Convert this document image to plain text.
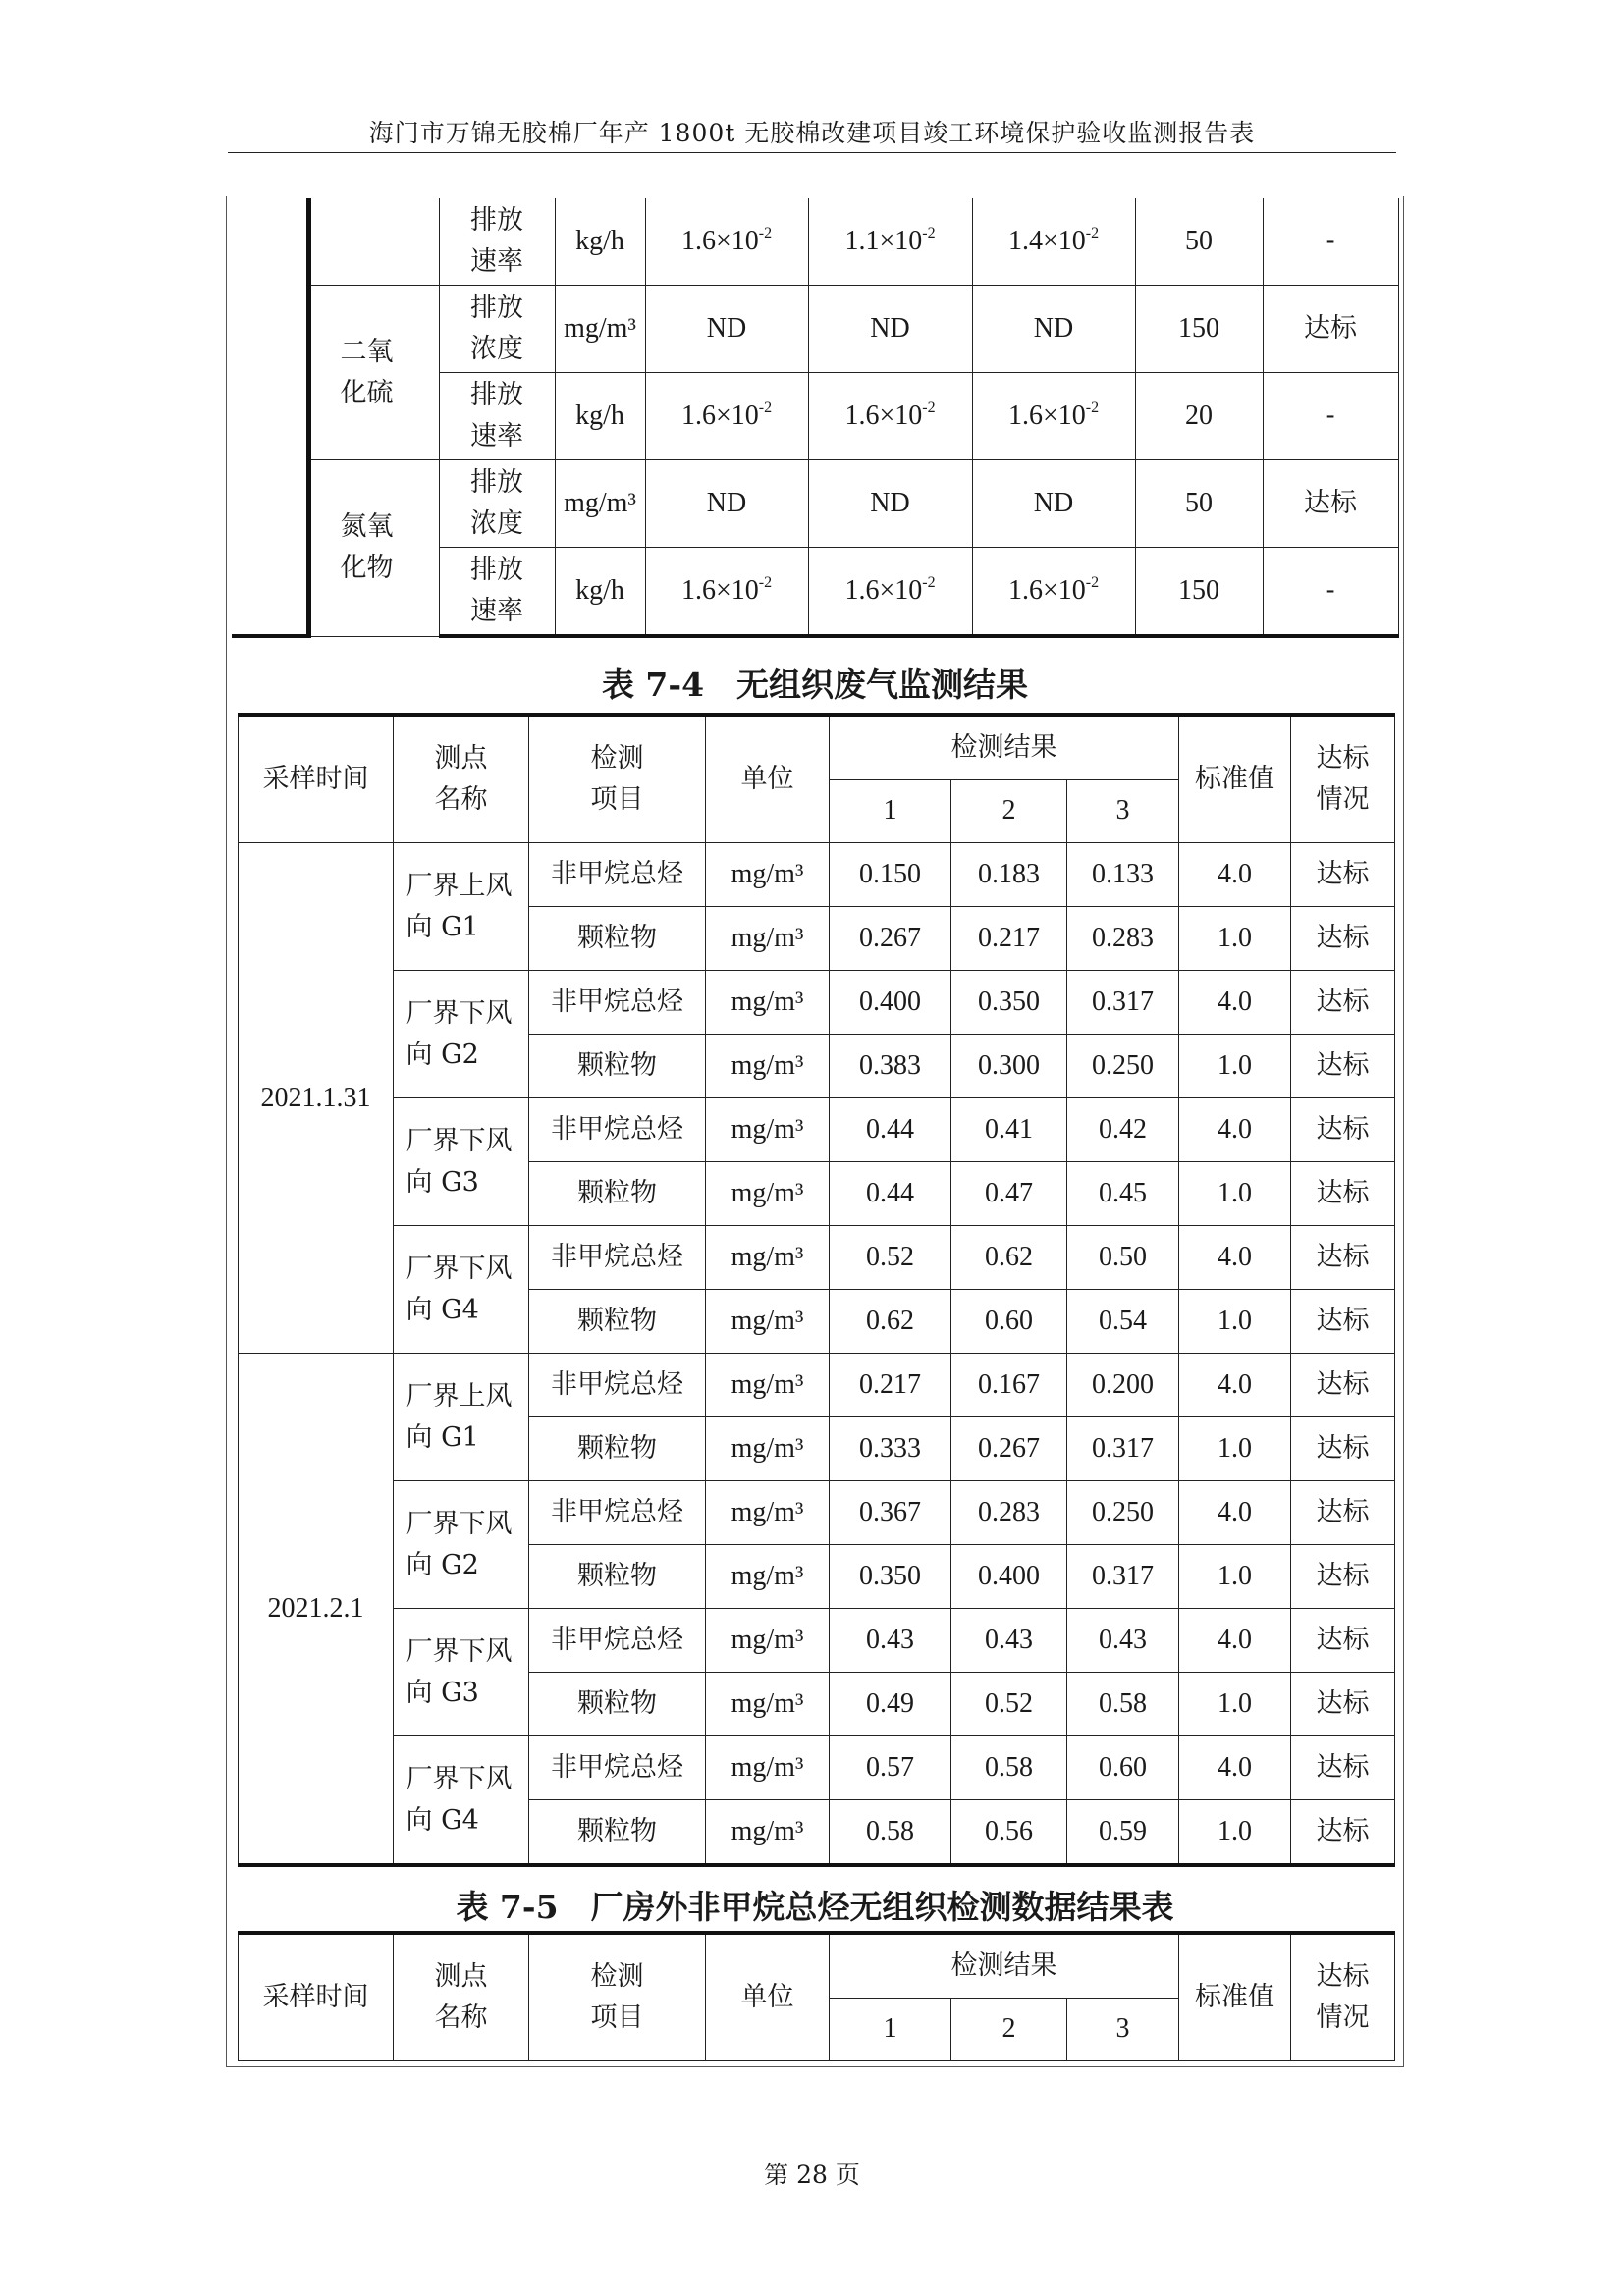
海门市万锦无胶棉厂年产 1800t 无胶棉改建项目竣工环境保护验收监测报告表

		排放速率	kg/h	$1.6\times 10^{-2}$	$1.1\times 10^{-2}$	$1.4\times 10^{-2}$	50	-

	二氧化硫	排放浓度	mg/m³	ND	ND	ND	150	达标

		排放速率	kg/h	$1.6\times 10^{-2}$	$1.6\times 10^{-2}$	$1.6\times 10^{-2}$	20	-

	氮氧化物	排放浓度	mg/m³	ND	ND	ND	50	达标

		排放速率	kg/h	$1.6\times 10^{-2}$	$1.6\times 10^{-2}$	$1.6\times 10^{-2}$	150	-
表 7-4　无组织废气监测结果
采样时间	测点名称	检测项目	单位	检测结果			标准值	达标情况

				1	2	3		
2021.1.31	厂界上风向 G1	非甲烷总烃	mg/m³	0.150	0.183	0.133	4.0	达标
		颗粒物	mg/m³	0.267	0.217	0.283	1.0	达标

	厂界下风向 G2	非甲烷总烃	mg/m³	0.400	0.350	0.317	4.0	达标
		颗粒物	mg/m³	0.383	0.300	0.250	1.0	达标

	厂界下风向 G3	非甲烷总烃	mg/m³	0.44	0.41	0.42	4.0	达标
		颗粒物	mg/m³	0.44	0.47	0.45	1.0	达标

	厂界下风向 G4	非甲烷总烃	mg/m³	0.52	0.62	0.50	4.0	达标
		颗粒物	mg/m³	0.62	0.60	0.54	1.0	达标
2021.2.1	厂界上风向 G1	非甲烷总烃	mg/m³	0.217	0.167	0.200	4.0	达标
		颗粒物	mg/m³	0.333	0.267	0.317	1.0	达标

	厂界下风向 G2	非甲烷总烃	mg/m³	0.367	0.283	0.250	4.0	达标
		颗粒物	mg/m³	0.350	0.400	0.317	1.0	达标

	厂界下风向 G3	非甲烷总烃	mg/m³	0.43	0.43	0.43	4.0	达标
		颗粒物	mg/m³	0.49	0.52	0.58	1.0	达标

	厂界下风向 G4	非甲烷总烃	mg/m³	0.57	0.58	0.60	4.0	达标
		颗粒物	mg/m³	0.58	0.56	0.59	1.0	达标
表 7-5　厂房外非甲烷总烃无组织检测数据结果表
采样时间	测点名称	检测项目	单位	检测结果			标准值	达标情况

				1	2	3		
第 28 页
